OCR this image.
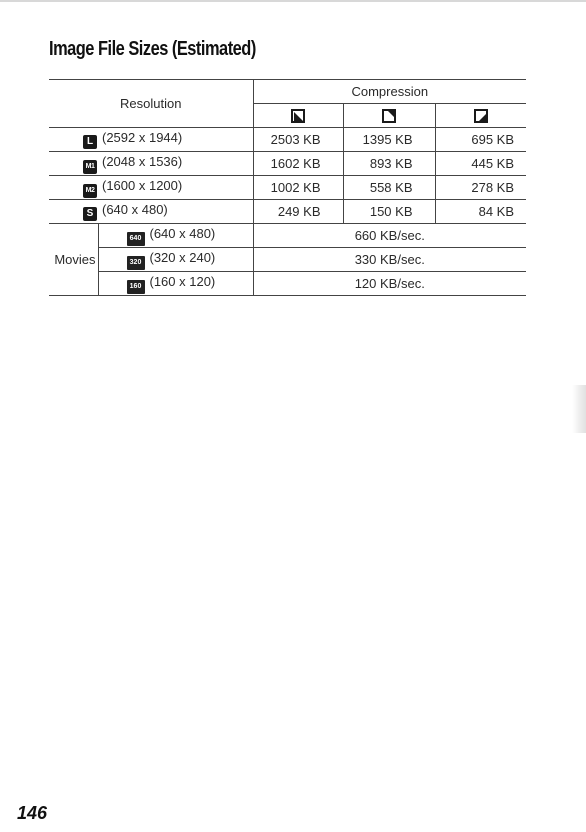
Image File Sizes (Estimated)
Resolution		Compression		

L (2592 x 1944)		2503 KB	1395 KB	695 KB
M1 (2048 x 1536)		1602 KB	893 KB	445 KB
M2 (1600 x 1200)		1002 KB	558 KB	278 KB
S (640 x 480)		249 KB	150 KB	84 KB
Movies	640 (640 x 480)	660 KB/sec.		
	320 (320 x 240)	330 KB/sec.		
	160 (160 x 120)	120 KB/sec.		
146
